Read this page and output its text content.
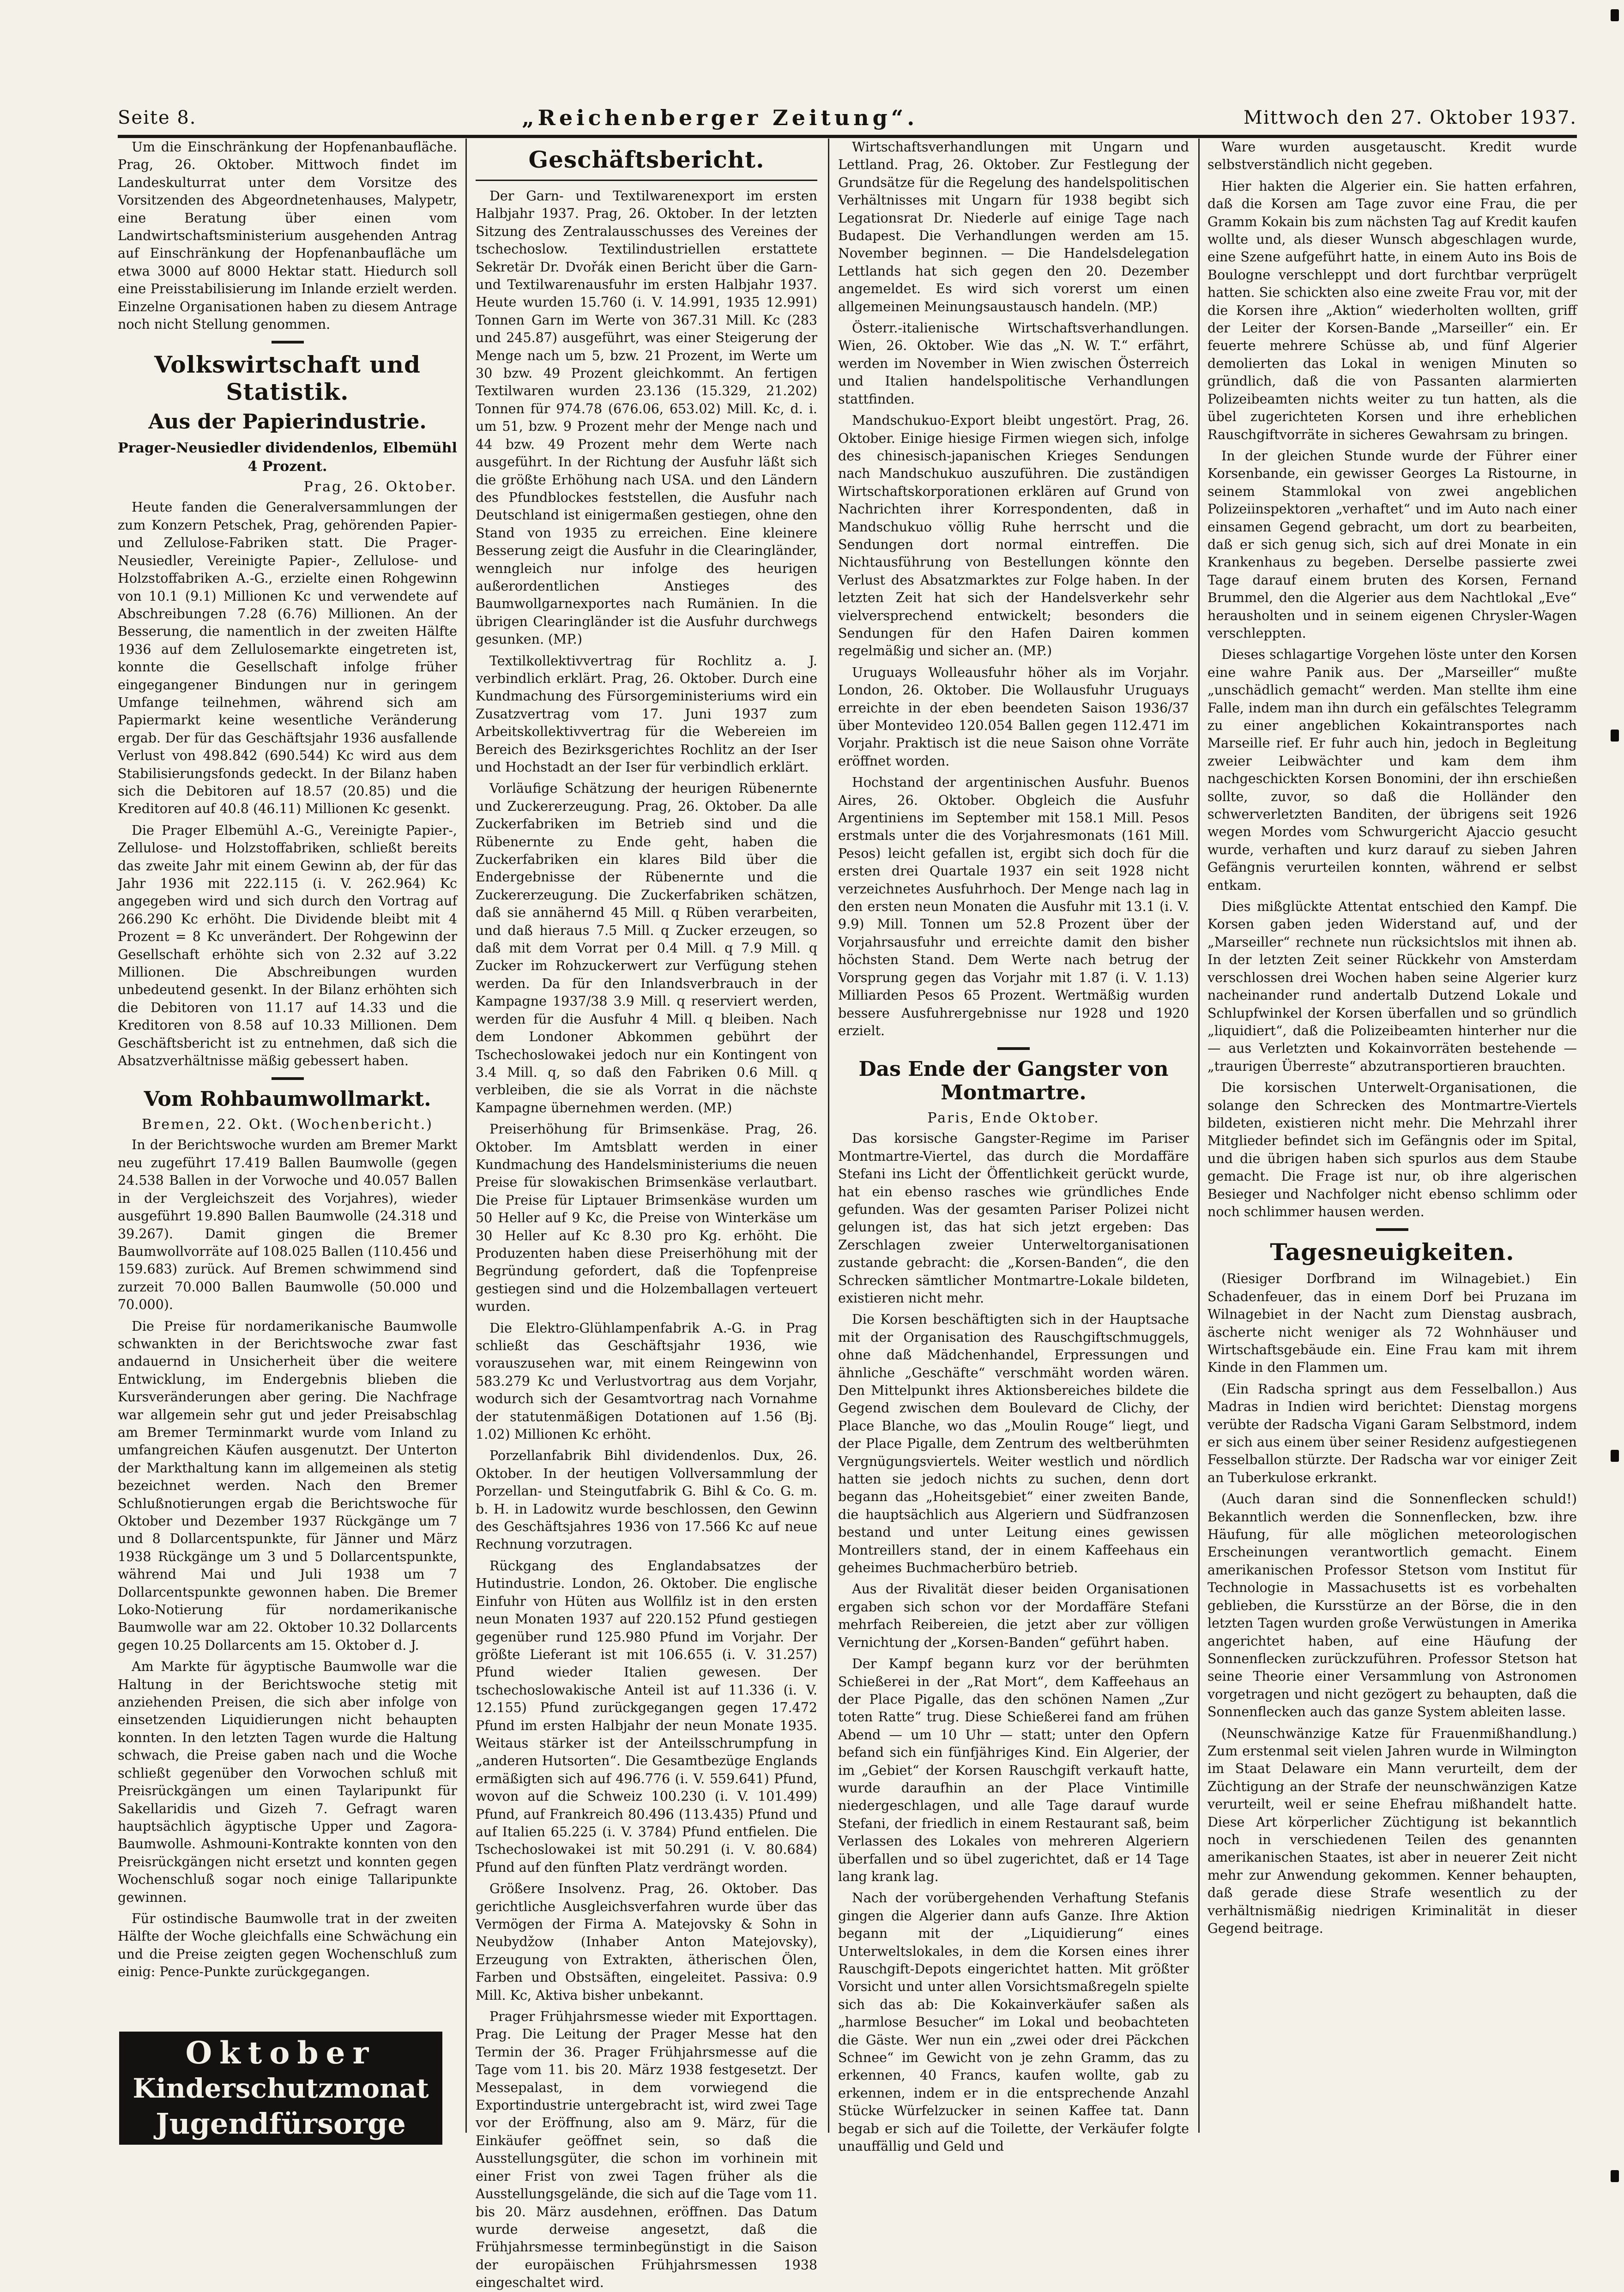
Seite 8.	„Reichenberger Zeitung“.	Mittwoch den 27. Oktober 1937.

Um die Einschränkung der Hopfenanbaufläche. Prag, 26. Oktober. Mittwoch findet im Landeskulturrat unter dem Vorsitze des Vorsitzenden des Abgeordnetenhauses, Malypetr, eine Beratung über einen vom Landwirtschaftsministerium ausgehenden Antrag auf Einschränkung der Hopfenanbaufläche um etwa 3000 auf 8000 Hektar statt. Hiedurch soll eine Preisstabilisierung im Inlande erzielt werden. Einzelne Organisationen haben zu diesem Antrage noch nicht Stellung genommen.

Volkswirtschaft und Statistik.
Aus der Papierindustrie.
Prager-Neusiedler dividendenlos, Elbemühl 4 Prozent.
Prag, 26. Oktober.

Heute fanden die Generalversammlungen der zum Konzern Petschek, Prag, gehörenden Papier- und Zellulose-Fabriken statt. Die Prager-Neusiedler, Vereinigte Papier-, Zellulose- und Holzstoffabriken A.-G., erzielte einen Rohgewinn von 10.1 (9.1) Millionen Kc und verwendete auf Abschreibungen 7.28 (6.76) Millionen. An der Besserung, die namentlich in der zweiten Hälfte 1936 auf dem Zellulosemarkte eingetreten ist, konnte die Gesellschaft infolge früher eingegangener Bindungen nur in geringem Umfange teilnehmen, während sich am Papiermarkt keine wesentliche Veränderung ergab. Der für das Geschäftsjahr 1936 ausfallende Verlust von 498.842 (690.544) Kc wird aus dem Stabilisierungsfonds gedeckt. In der Bilanz haben sich die Debitoren auf 18.57 (20.85) und die Kreditoren auf 40.8 (46.11) Millionen Kc gesenkt.

Die Prager Elbemühl A.-G., Vereinigte Papier-, Zellulose- und Holzstoffabriken, schließt bereits das zweite Jahr mit einem Gewinn ab, der für das Jahr 1936 mit 222.115 (i. V. 262.964) Kc angegeben wird und sich durch den Vortrag auf 266.290 Kc erhöht. Die Dividende bleibt mit 4 Prozent = 8 Kc unverändert. Der Rohgewinn der Gesellschaft erhöhte sich von 2.32 auf 3.22 Millionen. Die Abschreibungen wurden unbedeutend gesenkt. In der Bilanz erhöhten sich die Debitoren von 11.17 auf 14.33 und die Kreditoren von 8.58 auf 10.33 Millionen. Dem Geschäftsbericht ist zu entnehmen, daß sich die Absatzverhältnisse mäßig gebessert haben.

Vom Rohbaumwollmarkt.
Bremen, 22. Okt. (Wochenbericht.)

In der Berichtswoche wurden am Bremer Markt neu zugeführt 17.419 Ballen Baumwolle (gegen 24.538 Ballen in der Vorwoche und 40.057 Ballen in der Vergleichszeit des Vorjahres), wieder ausgeführt 19.890 Ballen Baumwolle (24.318 und 39.267). Damit gingen die Bremer Baumwollvorräte auf 108.025 Ballen (110.456 und 159.683) zurück. Auf Bremen schwimmend sind zurzeit 70.000 Ballen Baumwolle (50.000 und 70.000).

Die Preise für nordamerikanische Baumwolle schwankten in der Berichtswoche zwar fast andauernd in Unsicherheit über die weitere Entwicklung, im Endergebnis blieben die Kursveränderungen aber gering. Die Nachfrage war allgemein sehr gut und jeder Preisabschlag am Bremer Terminmarkt wurde vom Inland zu umfangreichen Käufen ausgenutzt. Der Unterton der Markthaltung kann im allgemeinen als stetig bezeichnet werden. Nach den Bremer Schlußnotierungen ergab die Berichtswoche für Oktober und Dezember 1937 Rückgänge um 7 und 8 Dollarcentspunkte, für Jänner und März 1938 Rückgänge um 3 und 5 Dollarcentspunkte, während Mai und Juli 1938 um 7 Dollarcentspunkte gewonnen haben. Die Bremer Loko-Notierung für nordamerikanische Baumwolle war am 22. Oktober 10.32 Dollarcents gegen 10.25 Dollarcents am 15. Oktober d. J.

Am Markte für ägyptische Baumwolle war die Haltung in der Berichtswoche stetig mit anziehenden Preisen, die sich aber infolge von einsetzenden Liquidierungen nicht behaupten konnten. In den letzten Tagen wurde die Haltung schwach, die Preise gaben nach und die Woche schließt gegenüber den Vorwochen schluß mit Preisrückgängen um einen Taylaripunkt für Sakellaridis und Gizeh 7. Gefragt waren hauptsächlich ägyptische Upper und Zagora-Baumwolle. Ashmouni-Kontrakte konnten von den Preisrückgängen nicht ersetzt und konnten gegen Wochenschluß sogar noch einige Tallaripunkte gewinnen.

Für ostindische Baumwolle trat in der zweiten Hälfte der Woche gleichfalls eine Schwächung ein und die Preise zeigten gegen Wochenschluß zum einig: Pence-Punkte zurückgegangen.

Oktober
Kinderschutzmonat
Jugendfürsorge
Geschäftsbericht.

Der Garn- und Textilwarenexport im ersten Halbjahr 1937. Prag, 26. Oktober. In der letzten Sitzung des Zentralausschusses des Vereines der tschechoslow. Textilindustriellen erstattete Sekretär Dr. Dvořák einen Bericht über die Garn- und Textilwarenausfuhr im ersten Halbjahr 1937. Heute wurden 15.760 (i. V. 14.991, 1935 12.991) Tonnen Garn im Werte von 367.31 Mill. Kc (283 und 245.87) ausgeführt, was einer Steigerung der Menge nach um 5, bzw. 21 Prozent, im Werte um 30 bzw. 49 Prozent gleichkommt. An fertigen Textilwaren wurden 23.136 (15.329, 21.202) Tonnen für 974.78 (676.06, 653.02) Mill. Kc, d. i. um 51, bzw. 9 Prozent mehr der Menge nach und 44 bzw. 49 Prozent mehr dem Werte nach ausgeführt. In der Richtung der Ausfuhr läßt sich die größte Erhöhung nach USA. und den Ländern des Pfundblockes feststellen, die Ausfuhr nach Deutschland ist einigermaßen gestiegen, ohne den Stand von 1935 zu erreichen. Eine kleinere Besserung zeigt die Ausfuhr in die Clearingländer, wenngleich nur infolge des heurigen außerordentlichen Anstieges des Baumwollgarnexportes nach Rumänien. In die übrigen Clearingländer ist die Ausfuhr durchwegs gesunken. (MP.)

Textilkollektivvertrag für Rochlitz a. J. verbindlich erklärt. Prag, 26. Oktober. Durch eine Kundmachung des Fürsorgeministeriums wird ein Zusatzvertrag vom 17. Juni 1937 zum Arbeitskollektivvertrag für die Webereien im Bereich des Bezirksgerichtes Rochlitz an der Iser und Hochstadt an der Iser für verbindlich erklärt.

Vorläufige Schätzung der heurigen Rübenernte und Zuckererzeugung. Prag, 26. Oktober. Da alle Zuckerfabriken im Betrieb sind und die Rübenernte zu Ende geht, haben die Zuckerfabriken ein klares Bild über die Endergebnisse der Rübenernte und die Zuckererzeugung. Die Zuckerfabriken schätzen, daß sie annähernd 45 Mill. q Rüben verarbeiten, und daß hieraus 7.5 Mill. q Zucker erzeugen, so daß mit dem Vorrat per 0.4 Mill. q 7.9 Mill. q Zucker im Rohzuckerwert zur Verfügung stehen werden. Da für den Inlandsverbrauch in der Kampagne 1937/38 3.9 Mill. q reserviert werden, werden für die Ausfuhr 4 Mill. q bleiben. Nach dem Londoner Abkommen gebührt der Tschechoslowakei jedoch nur ein Kontingent von 3.4 Mill. q, so daß den Fabriken 0.6 Mill. q verbleiben, die sie als Vorrat in die nächste Kampagne übernehmen werden. (MP.)

Preiserhöhung für Brimsenkäse. Prag, 26. Oktober. Im Amtsblatt werden in einer Kundmachung des Handelsministeriums die neuen Preise für slowakischen Brimsenkäse verlautbart. Die Preise für Liptauer Brimsenkäse wurden um 50 Heller auf 9 Kc, die Preise von Winterkäse um 30 Heller auf Kc 8.30 pro Kg. erhöht. Die Produzenten haben diese Preiserhöhung mit der Begründung gefordert, daß die Topfenpreise gestiegen sind und die Holzemballagen verteuert wurden.

Die Elektro-Glühlampenfabrik A.-G. in Prag schließt das Geschäftsjahr 1936, wie vorauszusehen war, mit einem Reingewinn von 583.279 Kc und Verlustvortrag aus dem Vorjahr, wodurch sich der Gesamtvortrag nach Vornahme der statutenmäßigen Dotationen auf 1.56 (Bj. 1.02) Millionen Kc erhöht.

Porzellanfabrik Bihl dividendenlos. Dux, 26. Oktober. In der heutigen Vollversammlung der Porzellan- und Steingutfabrik G. Bihl & Co. G. m. b. H. in Ladowitz wurde beschlossen, den Gewinn des Geschäftsjahres 1936 von 17.566 Kc auf neue Rechnung vorzutragen.

Rückgang des Englandabsatzes der Hutindustrie. London, 26. Oktober. Die englische Einfuhr von Hüten aus Wollfilz ist in den ersten neun Monaten 1937 auf 220.152 Pfund gestiegen gegenüber rund 125.980 Pfund im Vorjahr. Der größte Lieferant ist mit 106.655 (i. V. 31.257) Pfund wieder Italien gewesen. Der tschechoslowakische Anteil ist auf 11.336 (i. V. 12.155) Pfund zurückgegangen gegen 17.472 Pfund im ersten Halbjahr der neun Monate 1935. Weitaus stärker ist der Anteilsschrumpfung in „anderen Hutsorten“. Die Gesamtbezüge Englands ermäßigten sich auf 496.776 (i. V. 559.641) Pfund, wovon auf die Schweiz 100.230 (i. V. 101.499) Pfund, auf Frankreich 80.496 (113.435) Pfund und auf Italien 65.225 (i. V. 3784) Pfund entfielen. Die Tschechoslowakei ist mit 50.291 (i. V. 80.684) Pfund auf den fünften Platz verdrängt worden.

Größere Insolvenz. Prag, 26. Oktober. Das gerichtliche Ausgleichsverfahren wurde über das Vermögen der Firma A. Matejovsky & Sohn in Neubydžow (Inhaber Anton Matejovsky), Erzeugung von Extrakten, ätherischen Ölen, Farben und Obstsäften, eingeleitet. Passiva: 0.9 Mill. Kc, Aktiva bisher unbekannt.

Prager Frühjahrsmesse wieder mit Exporttagen. Prag. Die Leitung der Prager Messe hat den Termin der 36. Prager Frühjahrsmesse auf die Tage vom 11. bis 20. März 1938 festgesetzt. Der Messepalast, in dem vorwiegend die Exportindustrie untergebracht ist, wird zwei Tage vor der Eröffnung, also am 9. März, für die Einkäufer geöffnet sein, so daß die Ausstellungsgüter, die schon im vorhinein mit einer Frist von zwei Tagen früher als die Ausstellungsgelände, die sich auf die Tage vom 11. bis 20. März ausdehnen, eröffnen. Das Datum wurde derweise angesetzt, daß die Frühjahrsmesse terminbegünstigt in die Saison der europäischen Frühjahrsmessen 1938 eingeschaltet wird.

Wirtschaftsverhandlungen mit Ungarn und Lettland. Prag, 26. Oktober. Zur Festlegung der Grundsätze für die Regelung des handelspolitischen Verhältnisses mit Ungarn für 1938 begibt sich Legationsrat Dr. Niederle auf einige Tage nach Budapest. Die Verhandlungen werden am 15. November beginnen. — Die Handelsdelegation Lettlands hat sich gegen den 20. Dezember angemeldet. Es wird sich vorerst um einen allgemeinen Meinungsaustausch handeln. (MP.)

Österr.-italienische Wirtschaftsverhandlungen. Wien, 26. Oktober. Wie das „N. W. T.“ erfährt, werden im November in Wien zwischen Österreich und Italien handelspolitische Verhandlungen stattfinden.

Mandschukuo-Export bleibt ungestört. Prag, 26. Oktober. Einige hiesige Firmen wiegen sich, infolge des chinesisch-japanischen Krieges Sendungen nach Mandschukuo auszuführen. Die zuständigen Wirtschaftskorporationen erklären auf Grund von Nachrichten ihrer Korrespondenten, daß in Mandschukuo völlig Ruhe herrscht und die Sendungen dort normal eintreffen. Die Nichtausführung von Bestellungen könnte den Verlust des Absatzmarktes zur Folge haben. In der letzten Zeit hat sich der Handelsverkehr sehr vielversprechend entwickelt; besonders die Sendungen für den Hafen Dairen kommen regelmäßig und sicher an. (MP.)

Uruguays Wolleausfuhr höher als im Vorjahr. London, 26. Oktober. Die Wollausfuhr Uruguays erreichte in der eben beendeten Saison 1936/37 über Montevideo 120.054 Ballen gegen 112.471 im Vorjahr. Praktisch ist die neue Saison ohne Vorräte eröffnet worden.

Hochstand der argentinischen Ausfuhr. Buenos Aires, 26. Oktober. Obgleich die Ausfuhr Argentiniens im September mit 158.1 Mill. Pesos erstmals unter die des Vorjahresmonats (161 Mill. Pesos) leicht gefallen ist, ergibt sich doch für die ersten drei Quartale 1937 ein seit 1928 nicht verzeichnetes Ausfuhrhoch. Der Menge nach lag in den ersten neun Monaten die Ausfuhr mit 13.1 (i. V. 9.9) Mill. Tonnen um 52.8 Prozent über der Vorjahrsausfuhr und erreichte damit den bisher höchsten Stand. Dem Werte nach betrug der Vorsprung gegen das Vorjahr mit 1.87 (i. V. 1.13) Milliarden Pesos 65 Prozent. Wertmäßig wurden bessere Ausfuhrergebnisse nur 1928 und 1920 erzielt.

Das Ende der Gangster von Montmartre.
Paris, Ende Oktober.

Das korsische Gangster-Regime im Pariser Montmartre-Viertel, das durch die Mordaffäre Stefani ins Licht der Öffentlichkeit gerückt wurde, hat ein ebenso rasches wie gründliches Ende gefunden. Was der gesamten Pariser Polizei nicht gelungen ist, das hat sich jetzt ergeben: Das Zerschlagen zweier Unterweltorganisationen zustande gebracht: die „Korsen-Banden“, die den Schrecken sämtlicher Montmartre-Lokale bildeten, existieren nicht mehr.

Die Korsen beschäftigten sich in der Hauptsache mit der Organisation des Rauschgiftschmuggels, ohne daß Mädchenhandel, Erpressungen und ähnliche „Geschäfte“ verschmäht worden wären. Den Mittelpunkt ihres Aktionsbereiches bildete die Gegend zwischen dem Boulevard de Clichy, der Place Blanche, wo das „Moulin Rouge“ liegt, und der Place Pigalle, dem Zentrum des weltberühmten Vergnügungsviertels. Weiter westlich und nördlich hatten sie jedoch nichts zu suchen, denn dort begann das „Hoheitsgebiet“ einer zweiten Bande, die hauptsächlich aus Algeriern und Südfranzosen bestand und unter Leitung eines gewissen Montreillers stand, der in einem Kaffeehaus ein geheimes Buchmacherbüro betrieb.

Aus der Rivalität dieser beiden Organisationen ergaben sich schon vor der Mordaffäre Stefani mehrfach Reibereien, die jetzt aber zur völligen Vernichtung der „Korsen-Banden“ geführt haben.

Der Kampf begann kurz vor der berühmten Schießerei in der „Rat Mort“, dem Kaffeehaus an der Place Pigalle, das den schönen Namen „Zur toten Ratte“ trug. Diese Schießerei fand am frühen Abend — um 10 Uhr — statt; unter den Opfern befand sich ein fünfjähriges Kind. Ein Algerier, der im „Gebiet“ der Korsen Rauschgift verkauft hatte, wurde daraufhin an der Place Vintimille niedergeschlagen, und alle Tage darauf wurde Stefani, der friedlich in einem Restaurant saß, beim Verlassen des Lokales von mehreren Algeriern überfallen und so übel zugerichtet, daß er 14 Tage lang krank lag.

Nach der vorübergehenden Verhaftung Stefanis gingen die Algerier dann aufs Ganze. Ihre Aktion begann mit der „Liquidierung“ eines Unterweltslokales, in dem die Korsen eines ihrer Rauschgift-Depots eingerichtet hatten. Mit größter Vorsicht und unter allen Vorsichtsmaßregeln spielte sich das ab: Die Kokainverkäufer saßen als „harmlose Besucher“ im Lokal und beobachteten die Gäste. Wer nun ein „zwei oder drei Päckchen Schnee“ im Gewicht von je zehn Gramm, das zu erkennen, 40 Francs, kaufen wollte, gab zu erkennen, indem er in die entsprechende Anzahl Stücke Würfelzucker in seinen Kaffee tat. Dann begab er sich auf die Toilette, der Verkäufer folgte unauffällig und Geld und

Ware wurden ausgetauscht. Kredit wurde selbstverständlich nicht gegeben.

Hier hakten die Algerier ein. Sie hatten erfahren, daß die Korsen am Tage zuvor eine Frau, die per Gramm Kokain bis zum nächsten Tag auf Kredit kaufen wollte und, als dieser Wunsch abgeschlagen wurde, eine Szene aufgeführt hatte, in einem Auto ins Bois de Boulogne verschleppt und dort furchtbar verprügelt hatten. Sie schickten also eine zweite Frau vor, mit der die Korsen ihre „Aktion“ wiederholten wollten, griff der Leiter der Korsen-Bande „Marseiller“ ein. Er feuerte mehrere Schüsse ab, und fünf Algerier demolierten das Lokal in wenigen Minuten so gründlich, daß die von Passanten alarmierten Polizeibeamten nichts weiter zu tun hatten, als die übel zugerichteten Korsen und ihre erheblichen Rauschgiftvorräte in sicheres Gewahrsam zu bringen.

In der gleichen Stunde wurde der Führer einer Korsenbande, ein gewisser Georges La Ristourne, in seinem Stammlokal von zwei angeblichen Polizeiinspektoren „verhaftet“ und im Auto nach einer einsamen Gegend gebracht, um dort zu bearbeiten, daß er sich genug sich, sich auf drei Monate in ein Krankenhaus zu begeben. Derselbe passierte zwei Tage darauf einem bruten des Korsen, Fernand Brummel, den die Algerier aus dem Nachtlokal „Eve“ herausholten und in seinem eigenen Chrysler-Wagen verschleppten.

Dieses schlagartige Vorgehen löste unter den Korsen eine wahre Panik aus. Der „Marseiller“ mußte „unschädlich gemacht“ werden. Man stellte ihm eine Falle, indem man ihn durch ein gefälschtes Telegramm zu einer angeblichen Kokaintransportes nach Marseille rief. Er fuhr auch hin, jedoch in Begleitung zweier Leibwächter und kam dem ihm nachgeschickten Korsen Bonomini, der ihn erschießen sollte, zuvor, so daß die Holländer den schwerverletzten Banditen, der übrigens seit 1926 wegen Mordes vom Schwurgericht Ajaccio gesucht wurde, verhaften und kurz darauf zu sieben Jahren Gefängnis verurteilen konnten, während er selbst entkam.

Dies mißglückte Attentat entschied den Kampf. Die Korsen gaben jeden Widerstand auf, und der „Marseiller“ rechnete nun rücksichtslos mit ihnen ab. In der letzten Zeit seiner Rückkehr von Amsterdam verschlossen drei Wochen haben seine Algerier kurz nacheinander rund andertalb Dutzend Lokale und Schlupfwinkel der Korsen überfallen und so gründlich „liquidiert“, daß die Polizeibeamten hinterher nur die — aus Verletzten und Kokainvorräten bestehende — „traurigen Überreste“ abzutransportieren brauchten.

Die korsischen Unterwelt-Organisationen, die solange den Schrecken des Montmartre-Viertels bildeten, existieren nicht mehr. Die Mehrzahl ihrer Mitglieder befindet sich im Gefängnis oder im Spital, und die übrigen haben sich spurlos aus dem Staube gemacht. Die Frage ist nur, ob ihre algerischen Besieger und Nachfolger nicht ebenso schlimm oder noch schlimmer hausen werden.

Tagesneuigkeiten.

(Riesiger Dorfbrand im Wilnagebiet.) Ein Schadenfeuer, das in einem Dorf bei Pruzana im Wilnagebiet in der Nacht zum Dienstag ausbrach, äscherte nicht weniger als 72 Wohnhäuser und Wirtschaftsgebäude ein. Eine Frau kam mit ihrem Kinde in den Flammen um.

(Ein Radscha springt aus dem Fesselballon.) Aus Madras in Indien wird berichtet: Dienstag morgens verübte der Radscha Vigani Garam Selbstmord, indem er sich aus einem über seiner Residenz aufgestiegenen Fesselballon stürzte. Der Radscha war vor einiger Zeit an Tuberkulose erkrankt.

(Auch daran sind die Sonnenflecken schuld!) Bekanntlich werden die Sonnenflecken, bzw. ihre Häufung, für alle möglichen meteorologischen Erscheinungen verantwortlich gemacht. Einem amerikanischen Professor Stetson vom Institut für Technologie in Massachusetts ist es vorbehalten geblieben, die Kursstürze an der Börse, die in den letzten Tagen wurden große Verwüstungen in Amerika angerichtet haben, auf eine Häufung der Sonnenflecken zurückzuführen. Professor Stetson hat seine Theorie einer Versammlung von Astronomen vorgetragen und nicht gezögert zu behaupten, daß die Sonnenflecken auch das ganze System ableiten lasse.

(Neunschwänzige Katze für Frauenmißhandlung.) Zum erstenmal seit vielen Jahren wurde in Wilmington im Staat Delaware ein Mann verurteilt, dem der Züchtigung an der Strafe der neunschwänzigen Katze verurteilt, weil er seine Ehefrau mißhandelt hatte. Diese Art körperlicher Züchtigung ist bekanntlich noch in verschiedenen Teilen des genannten amerikanischen Staates, ist aber in neuerer Zeit nicht mehr zur Anwendung gekommen. Kenner behaupten, daß gerade diese Strafe wesentlich zu der verhältnismäßig niedrigen Kriminalität in dieser Gegend beitrage.
